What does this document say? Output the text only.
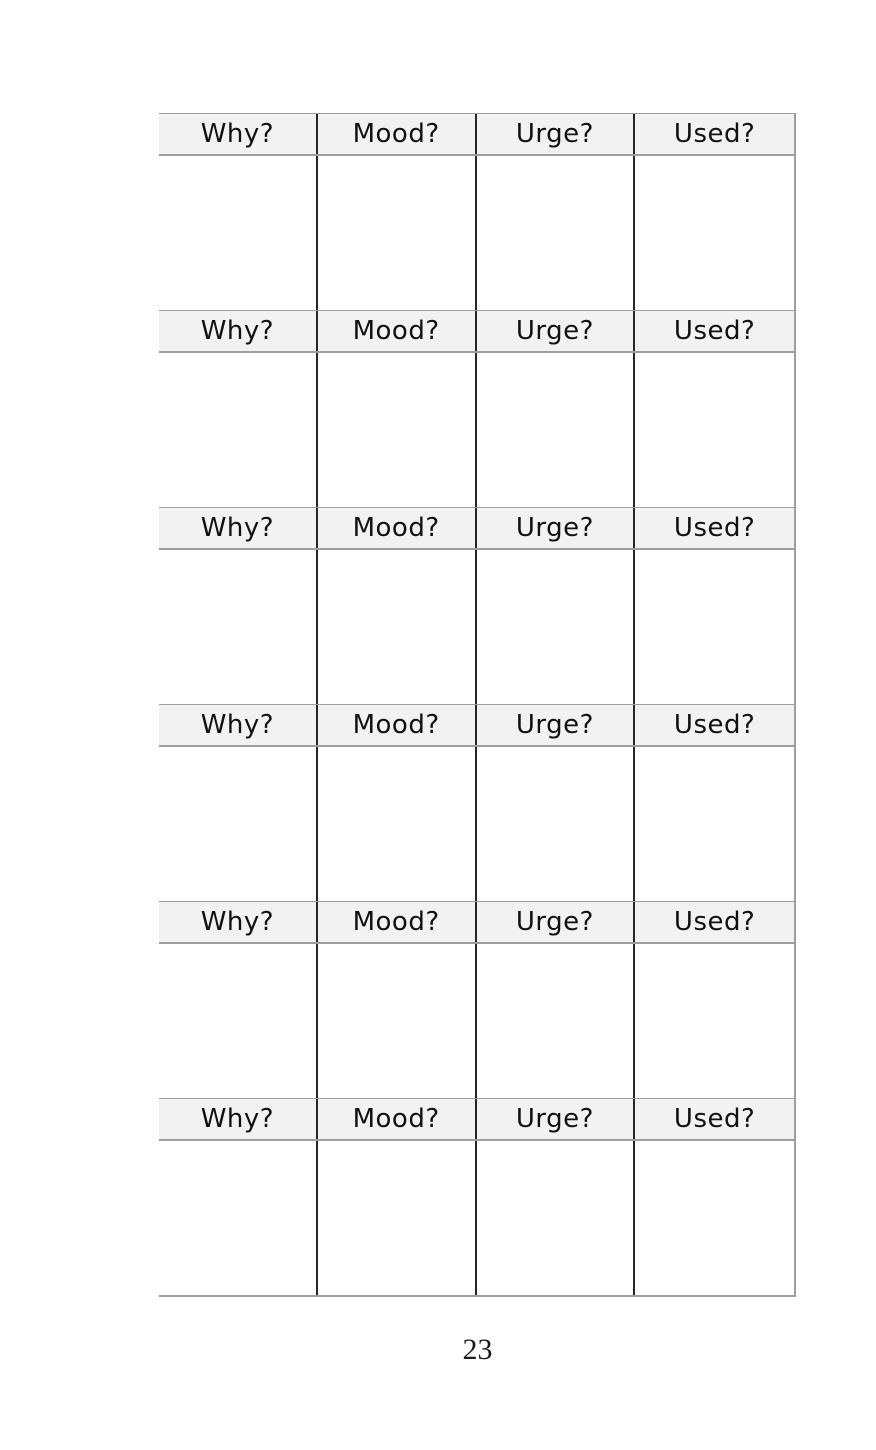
Why?	Mood?	Urge?	Used?
Why?	Mood?	Urge?	Used?
Why?	Mood?	Urge?	Used?
Why?	Mood?	Urge?	Used?
Why?	Mood?	Urge?	Used?
Why?	Mood?	Urge?	Used?
23
